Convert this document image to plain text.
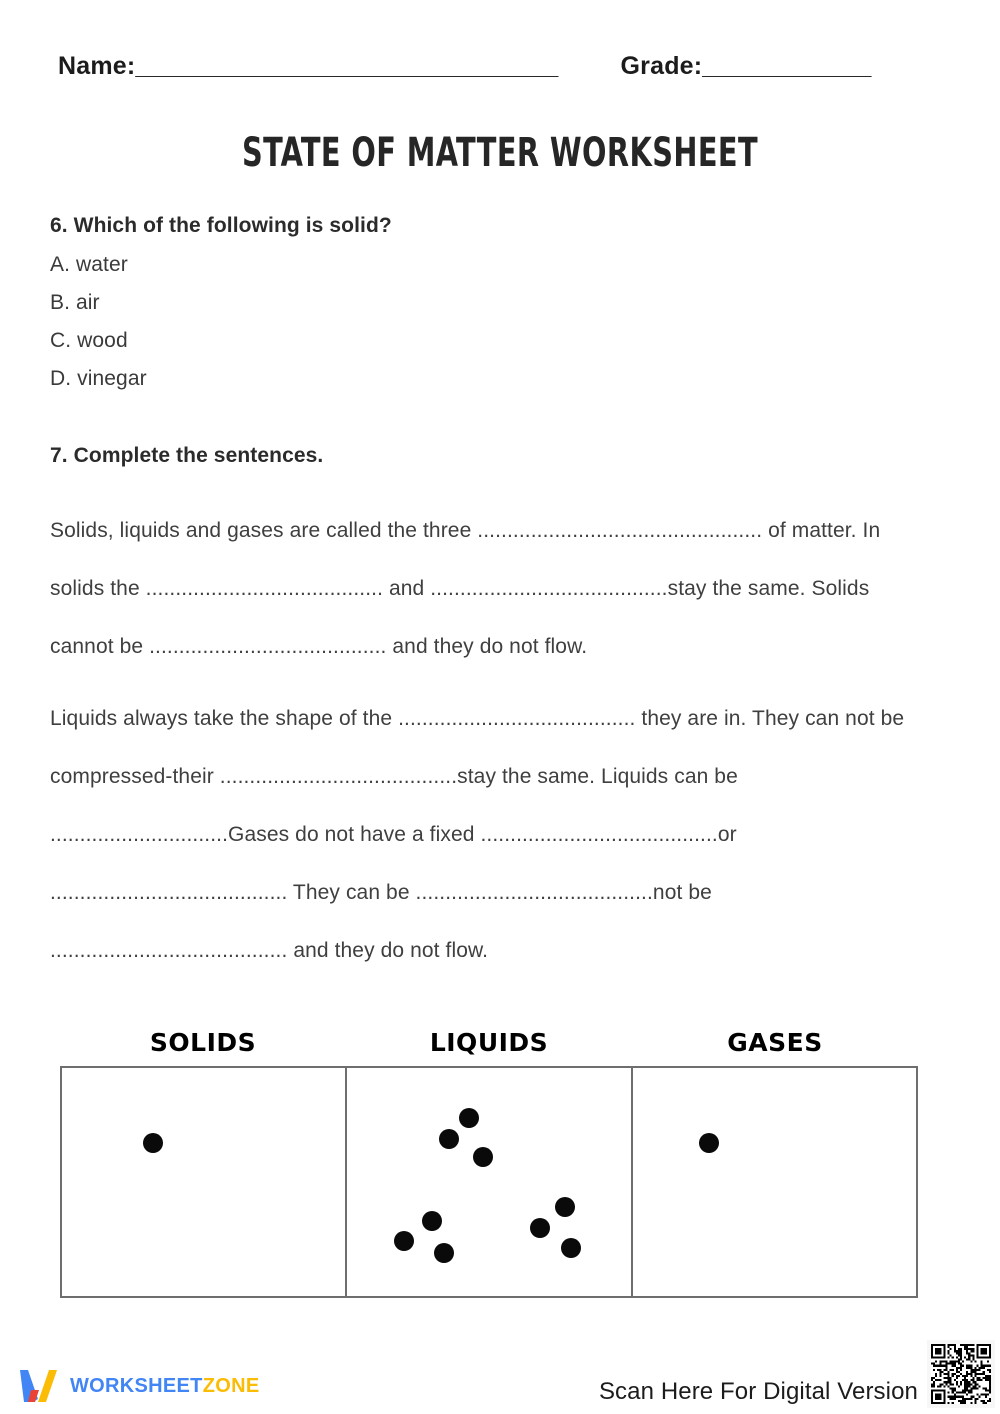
Name:______________________________ Grade:____________
STATE OF MATTER WORKSHEET
6. Which of the following is solid?
A. water
B. air
C. wood
D. vinegar
7. Complete the sentences.
Solids, liquids and gases are called the three ................................................ of matter. In solids the ........................................ and ........................................stay the same. Solids cannot be ........................................ and they do not flow.
Liquids always take the shape of the ........................................ they are in. They can not be compressed-their ........................................stay the same. Liquids can be ..............................Gases do not have a fixed ........................................or ........................................ They can be ........................................not be ........................................ and they do not flow.
SOLIDS	LIQUIDS	GASES
WORKSHEETZONE	Scan Here For Digital Version
